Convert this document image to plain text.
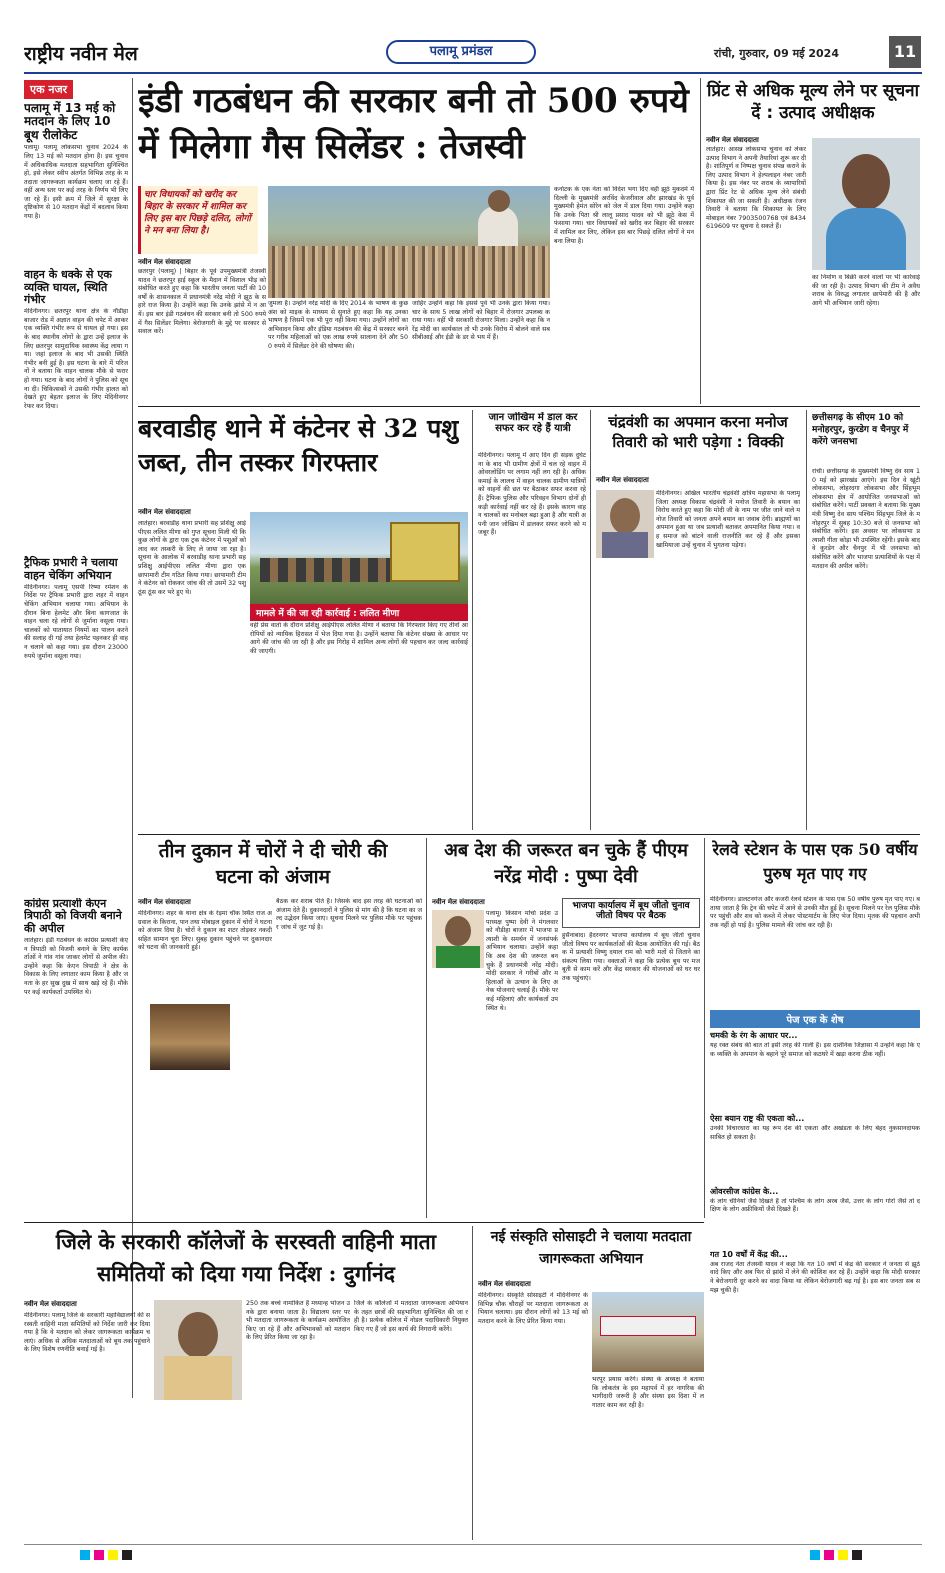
राष्ट्रीय नवीन मेल	पलामू प्रमंडल	रांची, गुरुवार, 09 मई 2024	11
एक नजर
पलामू में 13 मई को मतदान के लिए 10 बूथ रीलोकेट
पलामू। पलामू लोकसभा चुनाव 2024 के लिए 13 मई को मतदान होना है। इस चुनाव में अधिकाधिक मतदाता सहभागिता सुनिश्चित हो, इसे लेकर स्वीप अंतर्गत विभिन्न तरह के मतदाता जागरूकता कार्यक्रम चलाए जा रहे हैं। वहीं अन्य स्तर पर कई तरह के निर्णय भी लिए जा रहे हैं। इसी क्रम में जिले में सुरक्षा के दृष्टिकोण से 10 मतदान केंद्रों में बदलाव किया गया है।
वाहन के धक्के से एक व्यक्ति घायल, स्थिति गंभीर
मेदिनीनगर। छतरपुर थाना क्षेत्र के नौडीहा बाजार रोड में अज्ञात वाहन की चपेट में आकर एक व्यक्ति गंभीर रूप से घायल हो गया। इसके बाद स्थानीय लोगों के द्वारा उन्हें इलाज के लिए छतरपुर सामुदायिक स्वास्थ्य केंद्र लाया गया। जहां इलाज के बाद भी उसकी स्थिति गंभीर बनी हुई है। इस घटना के बारे में परिजनों ने बताया कि वाहन चालक मौके से फरार हो गया। घटना के बाद लोगों ने पुलिस को सूचना दी। चिकित्सकों ने उसकी गंभीर हालत को देखते हुए बेहतर इलाज के लिए मेदिनीनगर रेफर कर दिया।
ट्रैफिक प्रभारी ने चलाया वाहन चेकिंग अभियान
मेदिनीनगर। पलामू एसपी रिष्मा रमेशन के निर्देश पर ट्रैफिक प्रभारी द्वारा शहर में वाहन चेकिंग अभियान चलाया गया। अभियान के दौरान बिना हेलमेट और बिना कागजात के वाहन चला रहे लोगों से जुर्माना वसूला गया। चालकों को यातायात नियमों का पालन करने की सलाह दी गई तथा हेलमेट पहनकर ही वाहन चलाने को कहा गया। इस दौरान 23000 रुपये जुर्माना वसूला गया।
कांग्रेस प्रत्याशी केएन त्रिपाठी को विजयी बनाने की अपील
लातेहार। इंडी गठबंधन के कांग्रेस प्रत्याशी केएन त्रिपाठी को विजयी बनाने के लिए कार्यकर्ताओं ने गांव गांव जाकर लोगों से अपील की। उन्होंने कहा कि केएन त्रिपाठी ने क्षेत्र के विकास के लिए लगातार काम किया है और जनता के हर सुख दुख में साथ खड़े रहे हैं। मौके पर कई कार्यकर्ता उपस्थित थे।
इंडी गठबंधन की सरकार बनी तो 500 रुपये में मिलेगा गैस सिलेंडर : तेजस्वी
चार विधायकों को खरीद कर बिहार के सरकार में शामिल कर लिए इस बार पिछड़े दलित, लोगों ने मन बना लिया है।
नवीन मेल संवाददाता
छतरपुर (पलामू) | बिहार के पूर्व उपमुख्यमंत्री तेजस्वी यादव ने छतरपुर हाई स्कूल के मैदान में विशाल भीड़ को संबोधित करते हुए कहा कि भारतीय जनता पार्टी की 10 वर्षों के शासनकाल में प्रधानमंत्री नरेंद्र मोदी ने झूठ के सहारे राज किया है। उन्होंने कहा कि उनके झांसे में न आयें। इस बार इंडी गठबंधन की सरकार बनी तो 500 रुपये में गैस सिलेंडर मिलेगा। बेरोजगारी के मुद्दे पर सरकार से सवाल करें।
जुमला है। उन्होंने नरेंद्र मोदी के दिए 2014 के भाषण के कुछ अंश को माइक के माध्यम से सुनाते हुए कहा कि यह उनका भाषण है जिसमें एक भी पूरा नहीं किया गया। उन्होंने लोगों का अभिवादन किया और इंडिया गठबंधन की केंद्र में सरकार बनने पर गरीब महिलाओं को एक लाख रुपये सालाना देने और 500 रुपये में सिलेंडर देने की घोषणा की।
जाहिर उन्होंने कहा कि इससे पूर्व भी उनके द्वारा किया गया। चार के साथ 5 लाख लोगों को बिहार में रोजगार उपलब्ध कराया गया। वहीं भी सरकारी रोजगार मिला। उन्होंने कहा कि नरेंद्र मोदी का कार्यकाल तो भी उनके विरोध में बोलने वाले सब सीबीआई और ईडी के डर से भय में हैं।
कर्नाटक के एक नेता को विदेश भगा दिए वहीं झूठे मुकदमे में दिल्ली के मुख्यमंत्री अरविंद केजरीवाल और झारखंड के पूर्व मुख्यमंत्री हेमंत सोरेन को जेल में डाल दिया गया। उन्होंने कहा कि उनके पिता श्री लालू प्रसाद यादव को भी झूठे केस में फंसाया गया। चार विधायकों को खरीद कर बिहार की सरकार में शामिल कर लिए, लेकिन इस बार पिछड़े दलित लोगों ने मन बना लिया है।
प्रिंट से अधिक मूल्य लेने पर सूचना दें : उत्पाद अधीक्षक
नवीन मेल संवाददाता
लातेहार। आसन्न लोकसभा चुनाव को लेकर उत्पाद विभाग ने अपनी तैयारियां शुरू कर दी है। शांतिपूर्ण व निष्पक्ष चुनाव संपन्न कराने के लिए उत्पाद विभाग ने हेल्पलाइन नंबर जारी किया है। इस नंबर पर शराब के व्यापारियों द्वारा प्रिंट रेट से अधिक मूल्य लेने संबंधी शिकायत की जा सकती है। अधीक्षक रंजन तिवारी ने बताया कि शिकायत के लिए मोबाइल नंबर 7903500768 एवं 8434619609 पर सूचना दे सकते हैं।
का निर्माण व बिक्री करने वालों पर भी कार्रवाई की जा रही है। उत्पाद विभाग की टीम ने अवैध शराब के विरुद्ध लगातार छापेमारी की है और आगे भी अभियान जारी रहेगा।
बरवाडीह थाने में कंटेनर से 32 पशु जब्त, तीन तस्कर गिरफ्तार
नवीन मेल संवाददाता
लातेहार। बरवाडीह थाना प्रभारी सह प्रशिक्षु आईपीएस ललित मीणा को गुप्त सूचना मिली थी कि कुछ लोगों के द्वारा एक ट्रक कंटेनर में पशुओं को लाद कर तस्करी के लिए ले जाया जा रहा है। सूचना के आलोक में बरवाडीह थाना प्रभारी सह प्रशिक्षु आईपीएस ललित मीणा द्वारा एक छापामारी टीम गठित किया गया। छापामारी टीम ने कंटेनर को रोककर जांच की तो उसमें 32 पशु ठूंस ठूंस कर भरे हुए थे।
मामले में की जा रही कार्रवाई : ललित मीणा
वहीं प्रेस वार्ता के दौरान प्रशिक्षु आईपीएस ललित मीणा ने बताया कि गिरफ्तार किए गए तीनों आरोपियों को न्यायिक हिरासत में भेज दिया गया है। उन्होंने बताया कि कंटेनर संख्या के आधार पर आगे की जांच की जा रही है और इस गिरोह में शामिल अन्य लोगों की पहचान कर जल्द कार्रवाई की जाएगी।
जान जोखिम में डाल कर सफर कर रहे हैं यात्री
मेदिनीनगर। पलामू में आए दिन ही सड़क दुर्घटना के बाद भी ग्रामीण क्षेत्रों में चल रहे वाहन में ओवरलोडिंग पर लगाम नहीं लग रही है। अधिक कमाई के लालच में वाहन चालक ग्रामीण यात्रियों को वाहनों की छत पर बैठाकर सफर करवा रहे हैं। ट्रैफिक पुलिस और परिवहन विभाग दोनों ही कड़ी कार्रवाई नहीं कर रहे हैं। इसके कारण वाहन चालकों का मनोबल बढ़ा हुआ है और यात्री अपनी जान जोखिम में डालकर सफर करने को मजबूर हैं।
चंद्रवंशी का अपमान करना मनोज तिवारी को भारी पड़ेगा : विक्की
नवीन मेल संवाददाता
मेदिनीनगर। अखिल भारतीय चंद्रवंशी क्षत्रिय महासभा के पलामू जिला अध्यक्ष विकास चंद्रवंशी ने मनोज तिवारी के बयान का विरोध करते हुए कहा कि मोदी जी के नाम पर जीत जाने वाले मनोज तिवारी को जनता अपने बयान का जवाब देगी। ब्राह्मणों का अपमान हुआ था जब प्रत्याशी बताकर अपमानित किया गया। वह समाज को बांटने वाली राजनीति कर रहे हैं और इसका खामियाजा उन्हें चुनाव में भुगतना पड़ेगा।
छत्तीसगढ़ के सीएम 10 को मनोहरपुर, कुरडेग व चैनपुर में करेंगे जनसभा
रांची। छत्तीसगढ़ के मुख्यमंत्री विष्णु देव साय 10 मई को झारखंड आएंगे। इस दिन वे खूंटी लोकसभा, लोहरदगा लोकसभा और सिंहभूम लोकसभा क्षेत्र में आयोजित जनसभाओं को संबोधित करेंगे। पार्टी प्रवक्ता ने बताया कि मुख्यमंत्री विष्णु देव साय पश्चिम सिंहभूम जिले के मनोहरपुर में सुबह 10:30 बजे से जनसभा को संबोधित करेंगे। इस अवसर पर लोकसभा प्रत्याशी गीता कोड़ा भी उपस्थित रहेंगी। इसके बाद वे कुरडेग और चैनपुर में भी जनसभा को संबोधित करेंगे और भाजपा प्रत्याशियों के पक्ष में मतदान की अपील करेंगे।
तीन दुकान में चोरों ने दी चोरी की घटना को अंजाम
नवीन मेल संवाददाता
मेदिनीनगर। शहर के थाना क्षेत्र के रेड़मा चौक स्थित राज अग्रवाल के किराना, पान तथा मोबाइल दुकान में चोरों ने घटना को अंजाम दिया है। चोरों ने दुकान का शटर तोड़कर नकदी सहित सामान चुरा लिए। सुबह दुकान पहुंचने पर दुकानदार को घटना की जानकारी हुई।
बैठक कर शराब पीते हैं। जिसके बाद इस तरह की घटनाओं को अंजाम देते हैं। दुकानदारों ने पुलिस से मांग की है कि घटना का जल्द उद्भेदन किया जाए। सूचना मिलने पर पुलिस मौके पर पहुंचकर जांच में जुट गई है।
अब देश की जरूरत बन चुके हैं पीएम नरेंद्र मोदी : पुष्पा देवी
नवीन मेल संवाददाता
पलामू। किसान मोर्चा प्रदेश उपाध्यक्ष पुष्पा देवी ने मंगलवार को नौडीहा बाजार में भाजपा प्रत्याशी के समर्थन में जनसंपर्क अभियान चलाया। उन्होंने कहा कि अब देश की जरूरत बन चुके हैं प्रधानमंत्री नरेंद्र मोदी। मोदी सरकार ने गरीबों और महिलाओं के उत्थान के लिए अनेक योजनाएं चलाई हैं। मौके पर कई महिलाएं और कार्यकर्ता उपस्थित थे।
भाजपा कार्यालय में बूथ जीतो चुनाव जीतो विषय पर बैठक
हुसैनाबाद। हैदरनगर भाजपा कार्यालय में बूथ जीतो चुनाव जीतो विषय पर कार्यकर्ताओं की बैठक आयोजित की गई। बैठक में प्रत्याशी विष्णु दयाल राम को भारी मतों से जिताने का संकल्प लिया गया। वक्ताओं ने कहा कि प्रत्येक बूथ पर मजबूती से काम करें और केंद्र सरकार की योजनाओं को घर घर तक पहुंचाएं।
रेलवे स्टेशन के पास एक 50 वर्षीय पुरुष मृत पाए गए
मेदिनीनगर। डालटनगंज और कजरी रेलवे स्टेशन के पास एक 50 वर्षीय पुरुष मृत पाए गए। बताया जाता है कि ट्रेन की चपेट में आने से उनकी मौत हुई है। सूचना मिलने पर रेल पुलिस मौके पर पहुंची और शव को कब्जे में लेकर पोस्टमार्टम के लिए भेज दिया। मृतक की पहचान अभी तक नहीं हो पाई है। पुलिस मामले की जांच कर रही है।
पेज एक के शेष
चमकी के रंग के आधार पर...
यह रक्त संबंध की बात तो इसी तरह की गाली है। इस दार्शनिक जिज्ञासा में उन्होंने कहा कि एक व्यक्ति के अपमान के बहाने पूरे समाज को कठघरे में खड़ा करना ठीक नहीं।
ऐसा बयान राष्ट्र की एकता को...
उनकी विचारधारा का यह रूप देश की एकता और अखंडता के लिए बेहद नुकसानदायक साबित हो सकता है।
ओवरसीज कांग्रेस के...
के लोग चीनियों जैसे दिखते हैं तो पश्चिम के लोग अरब जैसे, उत्तर के लोग गोरों जैसे तो दक्षिण के लोग अफ्रीकियों जैसे दिखते हैं।
गत 10 वर्षों में केंद्र की...
अब राजद नेता तेजस्वी यादव ने कहा कि गत 10 वर्षों में केंद्र की सरकार ने जनता से झूठे वादे किए और अब फिर से झांसे में लेने की कोशिश कर रहे हैं। उन्होंने कहा कि मोदी सरकार ने बेरोजगारी दूर करने का वादा किया था लेकिन बेरोजगारी बढ़ गई है। इस बार जनता सब समझ चुकी है।
जिले के सरकारी कॉलेजों के सरस्वती वाहिनी माता समितियों को दिया गया निर्देश : दुर्गानंद
नवीन मेल संवाददाता
मेदिनीनगर। पलामू जिले के सरकारी महाविद्यालयों की सरस्वती वाहिनी माता समितियों को निर्देश जारी कर दिया गया है कि वे मतदान को लेकर जागरूकता कार्यक्रम चलाएं। अधिक से अधिक मतदाताओं को बूथ तक पहुंचाने के लिए विशेष रणनीति बनाई गई है।
250 तक बच्चे नामांकित हैं मध्यान्ह भोजन उनके द्वारा बनाया जाता है। विद्यालय स्तर पर भी मतदाता जागरूकता के कार्यक्रम आयोजित किए जा रहे हैं और अभिभावकों को मतदान के लिए प्रेरित किया जा रहा है।
जिले के कॉलेजों में मतदाता जागरूकता अभियान के तहत छात्रों की सहभागिता सुनिश्चित की जा रही है। प्रत्येक कॉलेज में नोडल पदाधिकारी नियुक्त किए गए हैं जो इस कार्य की निगरानी करेंगे।
नई संस्कृति सोसाइटी ने चलाया मतदाता जागरूकता अभियान
नवीन मेल संवाददाता
मेदिनीनगर। संस्कृति सोसाइटी ने मेदिनीनगर के विभिन्न चौक चौराहों पर मतदाता जागरूकता अभियान चलाया। इस दौरान लोगों को 13 मई को मतदान करने के लिए प्रेरित किया गया।
भरपूर प्रयास करेंगे। संस्था के अध्यक्ष ने बताया कि लोकतंत्र के इस महापर्व में हर नागरिक की भागीदारी जरूरी है और संस्था इस दिशा में लगातार काम कर रही है।
